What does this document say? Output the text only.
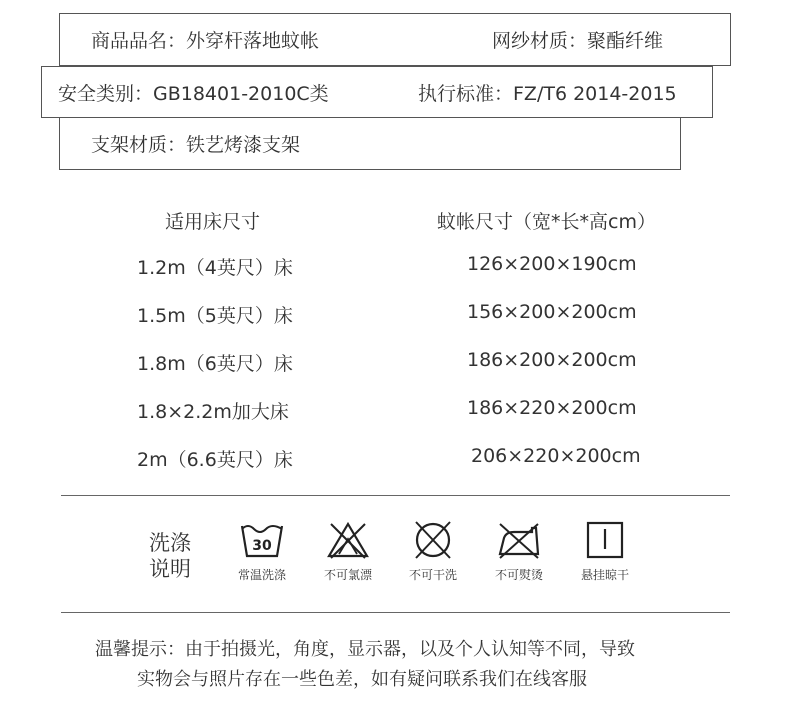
商品品名：外穿杆落地蚊帐	网纱材质：聚酯纤维
安全类别：GB18401-2010C类	执行标准：FZ/T6 2014-2015
支架材质：铁艺烤漆支架
适用床尺寸	蚊帐尺寸（宽*长*高cm）
1.2m（4英尺）床	126×200×190cm
1.5m（5英尺）床	156×200×200cm
1.8m（6英尺）床	186×200×200cm
1.8×2.2m加大床	186×220×200cm
2m（6.6英尺）床	206×220×200cm
洗涤
说明
30
常温洗涤	不可氯漂	不可干洗	不可熨烫	悬挂晾干
温馨提示：由于拍摄光，角度，显示器，以及个人认知等不同，导致
实物会与照片存在一些色差，如有疑问联系我们在线客服
